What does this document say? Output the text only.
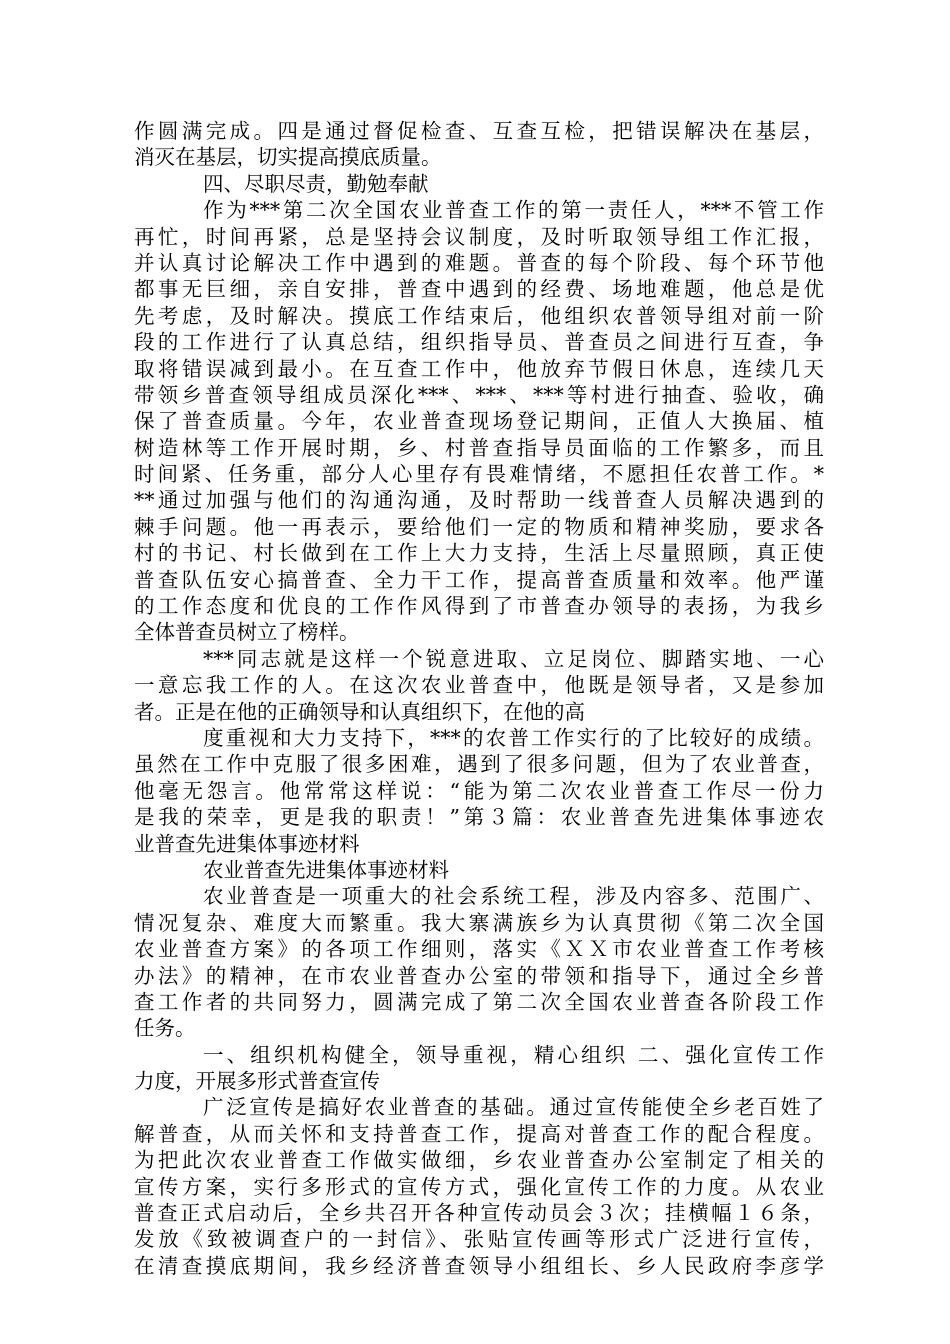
作圆满完成。四是通过督促检查、互查互检，把错误解决在基层，
消灭在基层，切实提高摸底质量。
四、尽职尽责，勤勉奉献
作为***第二次全国农业普查工作的第一责任人，***不管工作
再忙，时间再紧，总是坚持会议制度，及时听取领导组工作汇报，
并认真讨论解决工作中遇到的难题。普查的每个阶段、每个环节他
都事无巨细，亲自安排，普查中遇到的经费、场地难题，他总是优
先考虑，及时解决。摸底工作结束后，他组织农普领导组对前一阶
段的工作进行了认真总结，组织指导员、普查员之间进行互查，争
取将错误减到最小。在互查工作中，他放弃节假日休息，连续几天
带领乡普查领导组成员深化***、***、***等村进行抽查、验收，确
保了普查质量。今年，农业普查现场登记期间，正值人大换届、植
树造林等工作开展时期，乡、村普查指导员面临的工作繁多，而且
时间紧、任务重，部分人心里存有畏难情绪，不愿担任农普工作。*
**通过加强与他们的沟通沟通，及时帮助一线普查人员解决遇到的
棘手问题。他一再表示，要给他们一定的物质和精神奖励，要求各
村的书记、村长做到在工作上大力支持，生活上尽量照顾，真正使
普查队伍安心搞普查、全力干工作，提高普查质量和效率。他严谨
的工作态度和优良的工作作风得到了市普查办领导的表扬，为我乡
全体普查员树立了榜样。
***同志就是这样一个锐意进取、立足岗位、脚踏实地、一心
一意忘我工作的人。在这次农业普查中，他既是领导者，又是参加
者。正是在他的正确领导和认真组织下，在他的高
度重视和大力支持下，***的农普工作实行的了比较好的成绩。
虽然在工作中克服了很多困难，遇到了很多问题，但为了农业普查，
他毫无怨言。他常常这样说：“能为第二次农业普查工作尽一份力
是我的荣幸，更是我的职责！”第３篇：农业普查先进集体事迹农
业普查先进集体事迹材料
农业普查先进集体事迹材料
农业普查是一项重大的社会系统工程，涉及内容多、范围广、
情况复杂、难度大而繁重。我大寨满族乡为认真贯彻《第二次全国
农业普查方案》的各项工作细则，落实《ＸＸ市农业普查工作考核
办法》的精神，在市农业普查办公室的带领和指导下，通过全乡普
查工作者的共同努力，圆满完成了第二次全国农业普查各阶段工作
任务。
一、组织机构健全，领导重视，精心组织 二、强化宣传工作
力度，开展多形式普查宣传
广泛宣传是搞好农业普查的基础。通过宣传能使全乡老百姓了
解普查，从而关怀和支持普查工作，提高对普查工作的配合程度。
为把此次农业普查工作做实做细，乡农业普查办公室制定了相关的
宣传方案，实行多形式的宣传方式，强化宣传工作的力度。从农业
普查正式启动后，全乡共召开各种宣传动员会３次；挂横幅１６条，
发放《致被调查户的一封信》、张贴宣传画等形式广泛进行宣传，
在清查摸底期间，我乡经济普查领导小组组长、乡人民政府李彦学
